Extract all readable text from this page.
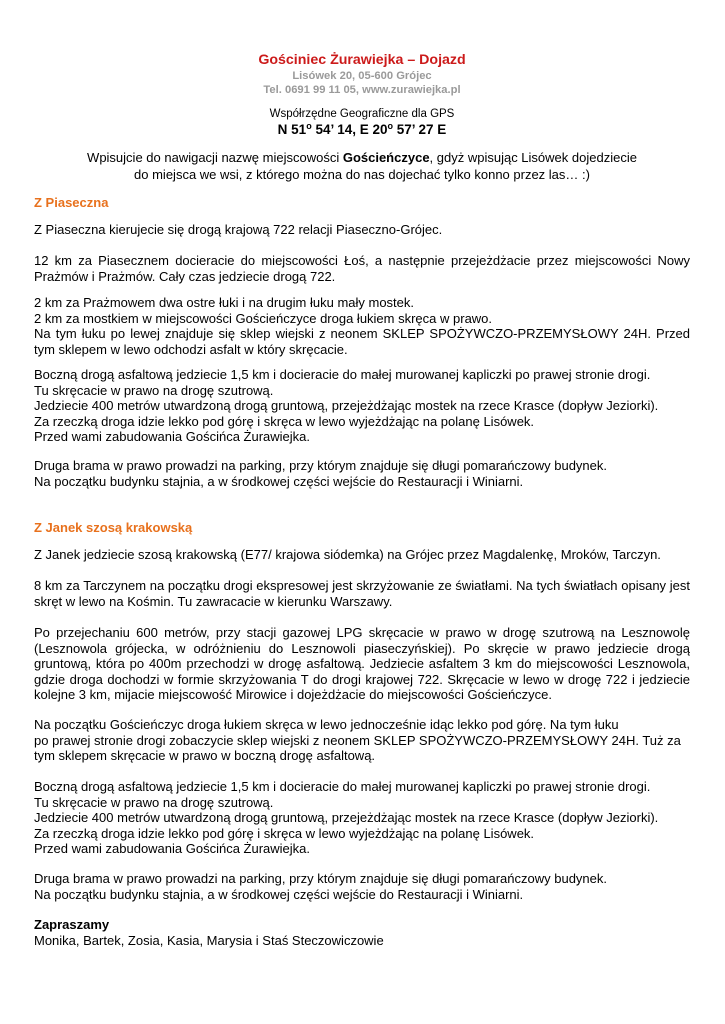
Gościniec Żurawiejka – Dojazd
Lisówek 20, 05-600 Grójec
Tel. 0691 99 11 05, www.zurawiejka.pl
Współrzędne Geograficzne dla GPS
N 51$^o$ 54’ 14, E 20$^o$ 57’ 27 E
Wpisujcie do nawigacji nazwę miejscowości Gościeńczyce, gdyż wpisując Lisówek dojedziecie
do miejsca we wsi, z którego można do nas dojechać tylko konno przez las… :)
Z Piaseczna
Z Piaseczna kierujecie się drogą krajową 722 relacji Piaseczno-Grójec.
12 km za Piasecznem docieracie do miejscowości Łoś, a następnie przejeżdżacie przez miejscowości Nowy Prażmów i Prażmów. Cały czas jedziecie drogą 722.
2 km za Prażmowem dwa ostre łuki i na drugim łuku mały mostek.
2 km za mostkiem w miejscowości Gościeńczyce droga łukiem skręca w prawo.
Na tym łuku po lewej znajduje się sklep wiejski z neonem SKLEP SPOŻYWCZO-PRZEMYSŁOWY 24H. Przed tym sklepem w lewo odchodzi asfalt w który skręcacie.
Boczną drogą asfaltową jedziecie 1,5 km i docieracie do małej murowanej kapliczki po prawej stronie drogi.
Tu skręcacie w prawo na drogę szutrową.
Jedziecie 400 metrów utwardzoną drogą gruntową, przejeżdżając mostek na rzece Krasce (dopływ Jeziorki).
Za rzeczką droga idzie lekko pod górę i skręca w lewo wyjeżdżając na polanę Lisówek.
Przed wami zabudowania Gościńca Żurawiejka.
Druga brama w prawo prowadzi na parking, przy którym znajduje się długi pomarańczowy budynek.
Na początku budynku stajnia, a w środkowej części wejście do Restauracji i Winiarni.
Z Janek szosą krakowską
Z Janek jedziecie szosą krakowską (E77/ krajowa siódemka) na Grójec przez Magdalenkę, Mroków, Tarczyn.
8 km za Tarczynem na początku drogi ekspresowej jest skrzyżowanie ze światłami. Na tych światłach opisany jest skręt w lewo na Kośmin. Tu zawracacie w kierunku Warszawy.
Po przejechaniu 600 metrów, przy stacji gazowej LPG skręcacie w prawo w drogę szutrową na Lesznowolę (Lesznowola grójecka, w odróżnieniu do Lesznowoli piaseczyńskiej). Po skręcie w prawo jedziecie drogą gruntową, która po 400m przechodzi w drogę asfaltową. Jedziecie asfaltem 3 km do miejscowości Lesznowola, gdzie droga dochodzi w formie skrzyżowania T do drogi krajowej 722. Skręcacie w lewo w drogę 722 i jedziecie kolejne 3 km, mijacie miejscowość Mirowice i dojeżdżacie do miejscowości Gościeńczyce.
Na początku Gościeńczyc droga łukiem skręca w lewo jednocześnie idąc lekko pod górę. Na tym łuku
po prawej stronie drogi zobaczycie sklep wiejski z neonem SKLEP SPOŻYWCZO-PRZEMYSŁOWY 24H. Tuż za tym sklepem skręcacie w prawo w boczną drogę asfaltową.
Boczną drogą asfaltową jedziecie 1,5 km i docieracie do małej murowanej kapliczki po prawej stronie drogi.
Tu skręcacie w prawo na drogę szutrową.
Jedziecie 400 metrów utwardzoną drogą gruntową, przejeżdżając mostek na rzece Krasce (dopływ Jeziorki).
Za rzeczką droga idzie lekko pod górę i skręca w lewo wyjeżdżając na polanę Lisówek.
Przed wami zabudowania Gościńca Żurawiejka.
Druga brama w prawo prowadzi na parking, przy którym znajduje się długi pomarańczowy budynek.
Na początku budynku stajnia, a w środkowej części wejście do Restauracji i Winiarni.
Zapraszamy
Monika, Bartek, Zosia, Kasia, Marysia i Staś Steczowiczowie
